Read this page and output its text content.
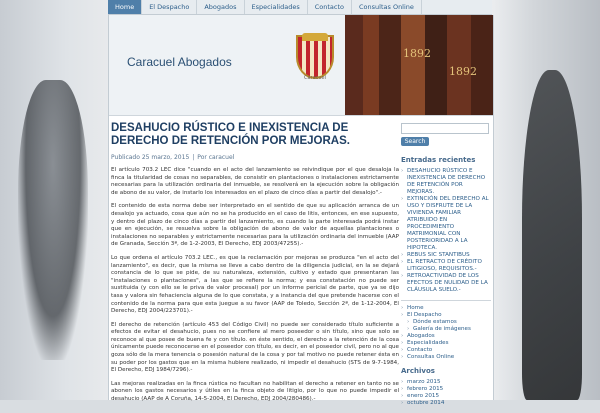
Home	El Despacho	Abogados	Especialidades	Contacto	Consultas Online
Caracuel Abogados
Caracuel
1892
1892
DESAHUCIO RÚSTICO E INEXISTENCIA DE DERECHO DE RETENCIÓN POR MEJORAS.
Publicado 25 marzo, 2015 | Por caracuel

El artículo 703.2 LEC dice "cuando en el acto del lanzamiento se reivindique por el que desaloja la finca la titularidad de cosas no separables, de consistir en plantaciones o instalaciones estrictamente necesarias para la utilización ordinaria del inmueble, se resolverá en la ejecución sobre la obligación de abono de su valor, de instarlo los interesados en el plazo de cinco días a partir del desalojo".-

El contenido de esta norma debe ser interpretado en el sentido de que su aplicación arranca de un desalojo ya actuado, cosa que aún no se ha producido en el caso de litis, entonces, en ese supuesto, y dentro del plazo de cinco días a partir del lanzamiento, es cuando la parte interesada podrá instar que en ejecución, se resuelva sobre la obligación de abono de valor de aquellas plantaciones o instalaciones no separables y estrictamente necesarias para la utilización ordinaria del inmueble (AAP de Granada, Sección 3ª, de 1-2-2003, El Derecho, EDJ 2003/47255).-

Lo que ordena el artículo 703.2 LEC., es que la reclamación por mejoras se produzca "en el acto del lanzamiento", es decir, que la misma se lleve a cabo dentro de la diligencia judicial, en la se dejará constancia de lo que se pide, de su naturaleza, extensión, cultivo y estado que presentaran las "instalaciones o plantaciones", a las que se refiere la norma; y esa constatación no puede ser sustituida (y con ello se le priva de valor procesal) por un informe pericial de parte, que ya se dijo tasa y valora sin fehaciencia alguna de lo que constata, y a instancia del que pretende hacerse con el contenido de la norma para que esta juegue a su favor (AAP de Toledo, Sección 2ª, de 1-12-2004, El Derecho, EDJ 2004/223701).-

El derecho de retención (artículo 453 del Código Civil) no puede ser considerado título suficiente a efectos de evitar el desahucio, pues no se confiere al mero poseedor o sin título, sino que solo se reconoce al que posee de buena fe y con título. en éste sentido, el derecho a la retención de la cosa únicamente puede reconocerse en el poseedor con título, es decir, en el poseedor civil, pero no al que goza sólo de la mera tenencia o posesión natural de la cosa y por tal motivo no puede retener ésta en su poder por los gastos que en la misma hubiere realizado, ni impedir el desahucio (STS de 9-7-1984, El Derecho, EDJ 1984/7296).-

Las mejoras realizadas en la finca rústica no facultan no habilitan el derecho a retener en tanto no se abonen los gastos necesarios y útiles en la finca objeto de litigio, por lo que no puede impedir el desahucio (AAP de A Coruña, 14-5-2004, El Derecho, EDJ 2004/280486).-

Search
Entradas recientes
› DESAHUCIO RÚSTICO E INEXISTENCIA DE DERECHO DE RETENCIÓN POR MEJORAS.
› EXTINCIÓN DEL DERECHO AL USO Y DISFRUTE DE LA VIVIENDA FAMILIAR ATRIBUIDO EN PROCEDIMIENTO MATRIMONIAL CON POSTERIORIDAD A LA HIPOTECA.
› REBUS SIC STANTIBUS
› EL RETRACTO DE CRÉDITO LITIGIOSO, REQUISITOS.-
› RETROACTIVIDAD DE LOS EFECTOS DE NULIDAD DE LA CLÁUSULA SUELO.-
› Home
› El Despacho
› Dónde estamos
› Galería de imágenes
› Abogados
› Especialidades
› Contacto
› Consultas Online
Archivos
› marzo 2015
› febrero 2015
› enero 2015
› octubre 2014
